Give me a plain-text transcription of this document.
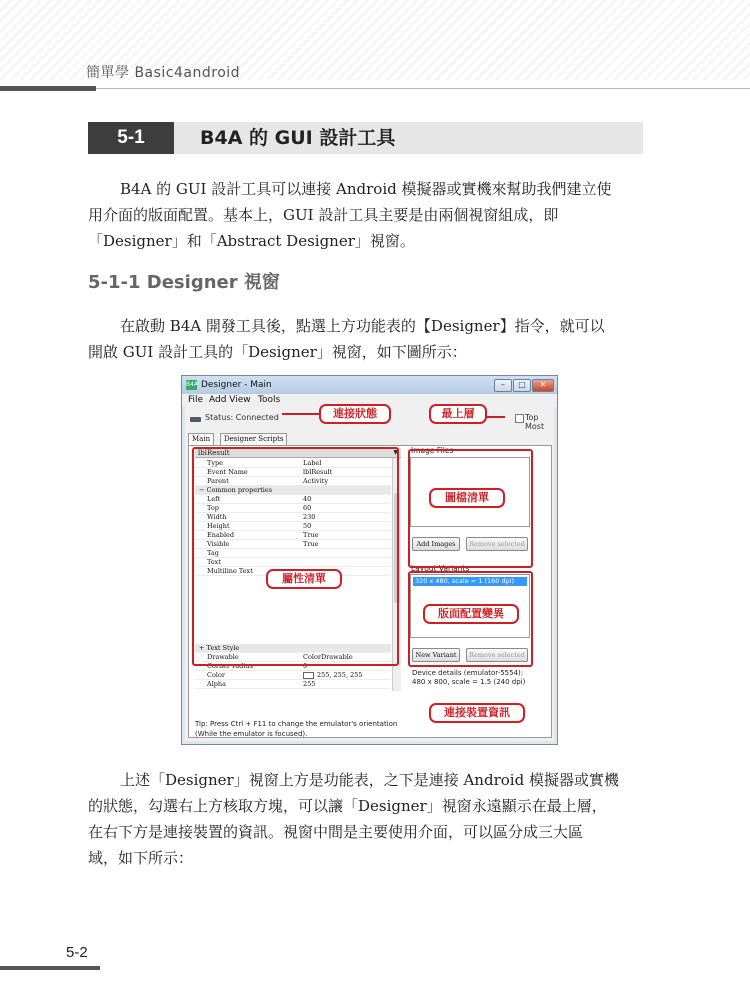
簡單學 Basic4android
5-1	B4A 的 GUI 設計工具

B4A 的 GUI 設計工具可以連接 Android 模擬器或實機來幫助我們建立使
用介面的版面配置。基本上，GUI 設計工具主要是由兩個視窗組成，即
「Designer」和「Abstract Designer」視窗。

5-1-1 Designer 視窗

在啟動 B4A 開發工具後，點選上方功能表的【Designer】指令，就可以
開啟 GUI 設計工具的「Designer」視窗，如下圖所示：

B4A Designer - Main	–	□	✕
File Add View Tools
Status: Connected	Top Most
Main	Designer Scripts
lblResult	▼
Type	Label
Event Name	lblResult
Parent	Activity
− Common properties
Left	40
Top	60
Width	230
Height	50
Enabled	True
Visible	True
Tag
Text
Multiline Text
+ Text Style
Drawable	ColorDrawable
Corner radius	0
Color	255, 255, 255
Alpha	255
Image Files
Add Images	Remove selected
Layout Variants
320 x 480, scale = 1 (160 dpi)
New Variant	Remove selected
Device details (emulator-5554):
480 x 800, scale = 1.5 (240 dpi)
Tip: Press Ctrl + F11 to change the emulator's orientation
(While the emulator is focused).
連接狀態	最上層
圖檔清單
屬性清單
版面配置變異
連接裝置資訊

上述「Designer」視窗上方是功能表，之下是連接 Android 模擬器或實機
的狀態，勾選右上方核取方塊，可以讓「Designer」視窗永遠顯示在最上層，
在右下方是連接裝置的資訊。視窗中間是主要使用介面，可以區分成三大區
域，如下所示：

5-2
